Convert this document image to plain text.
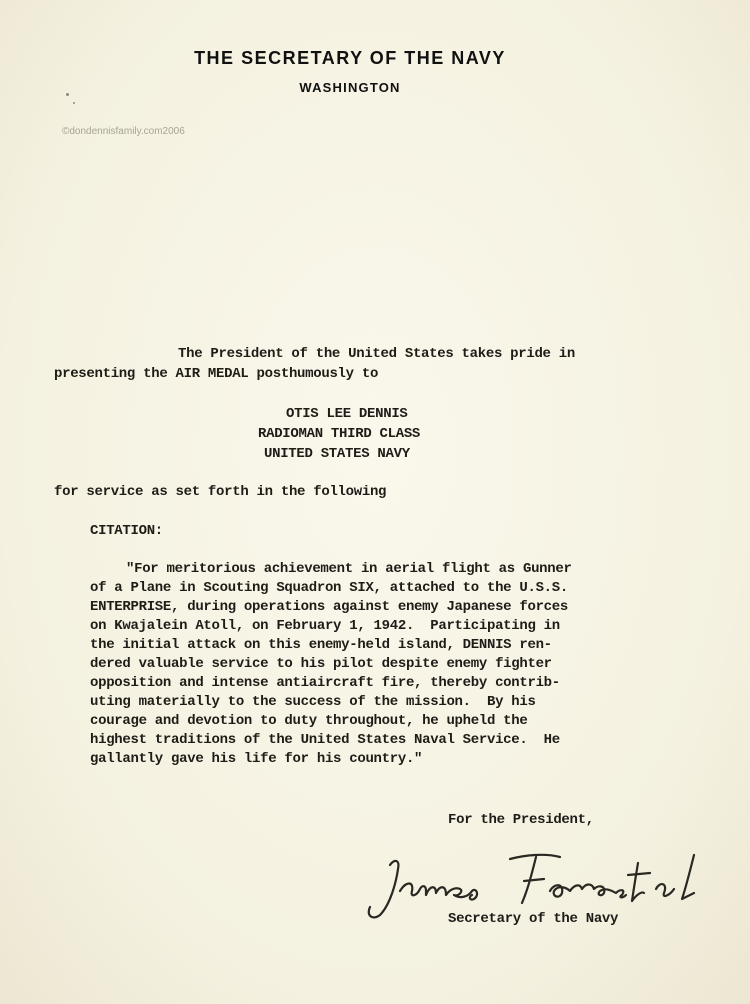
THE SECRETARY OF THE NAVY
WASHINGTON
©dondennisfamily.com2006
The President of the United States takes pride in
presenting the AIR MEDAL posthumously to
OTIS LEE DENNIS
RADIOMAN THIRD CLASS
UNITED STATES NAVY
for service as set forth in the following
CITATION:
"For meritorious achievement in aerial flight as Gunner
of a Plane in Scouting Squadron SIX, attached to the U.S.S.
ENTERPRISE, during operations against enemy Japanese forces
on Kwajalein Atoll, on February 1, 1942.  Participating in
the initial attack on this enemy-held island, DENNIS ren-
dered valuable service to his pilot despite enemy fighter
opposition and intense antiaircraft fire, thereby contrib-
uting materially to the success of the mission.  By his
courage and devotion to duty throughout, he upheld the
highest traditions of the United States Naval Service.  He
gallantly gave his life for his country."
For the President,
Secretary of the Navy
